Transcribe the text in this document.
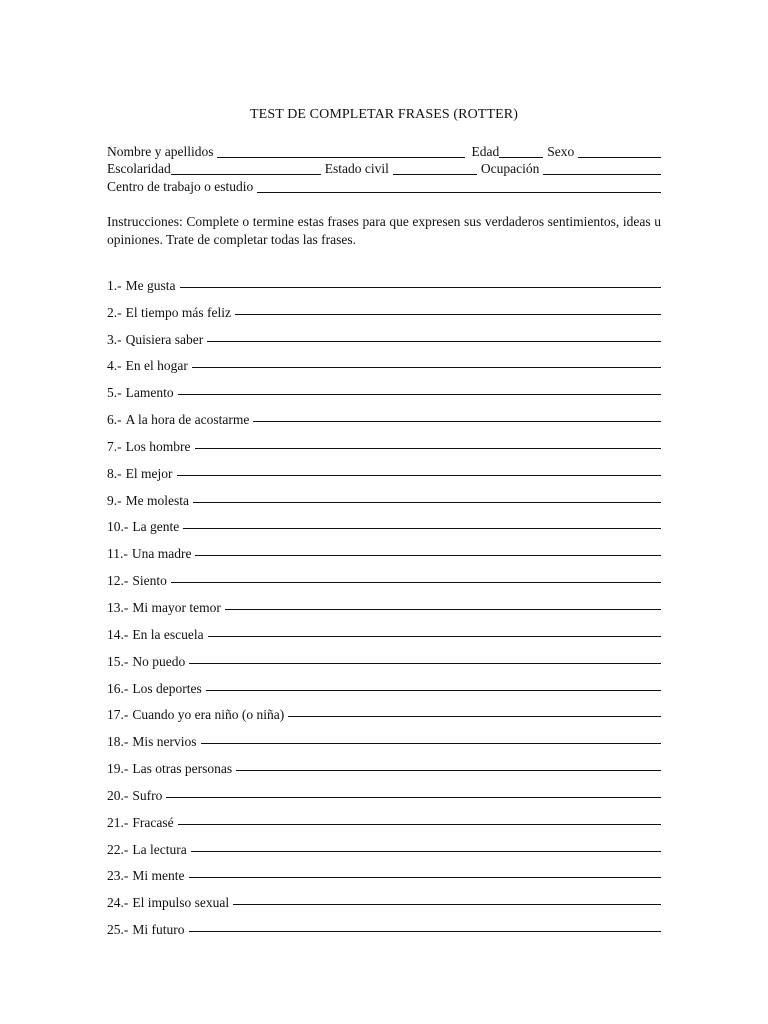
TEST DE COMPLETAR FRASES (ROTTER)
Nombre y apellidos	Edad	Sexo
Escolaridad	Estado civil	Ocupación
Centro de trabajo o estudio
Instrucciones: Complete o termine estas frases para que expresen sus verdaderos sentimientos, ideas u opiniones. Trate de completar todas las frases.
1.- Me gusta
2.- El tiempo más feliz
3.- Quisiera saber
4.- En el hogar
5.- Lamento
6.- A la hora de acostarme
7.- Los hombre
8.- El mejor
9.- Me molesta
10.- La gente
11.- Una madre
12.- Siento
13.- Mi mayor temor
14.- En la escuela
15.- No puedo
16.- Los deportes
17.- Cuando yo era niño (o niña)
18.- Mis nervios
19.- Las otras personas
20.- Sufro
21.- Fracasé
22.- La lectura
23.- Mi mente
24.- El impulso sexual
25.- Mi futuro
